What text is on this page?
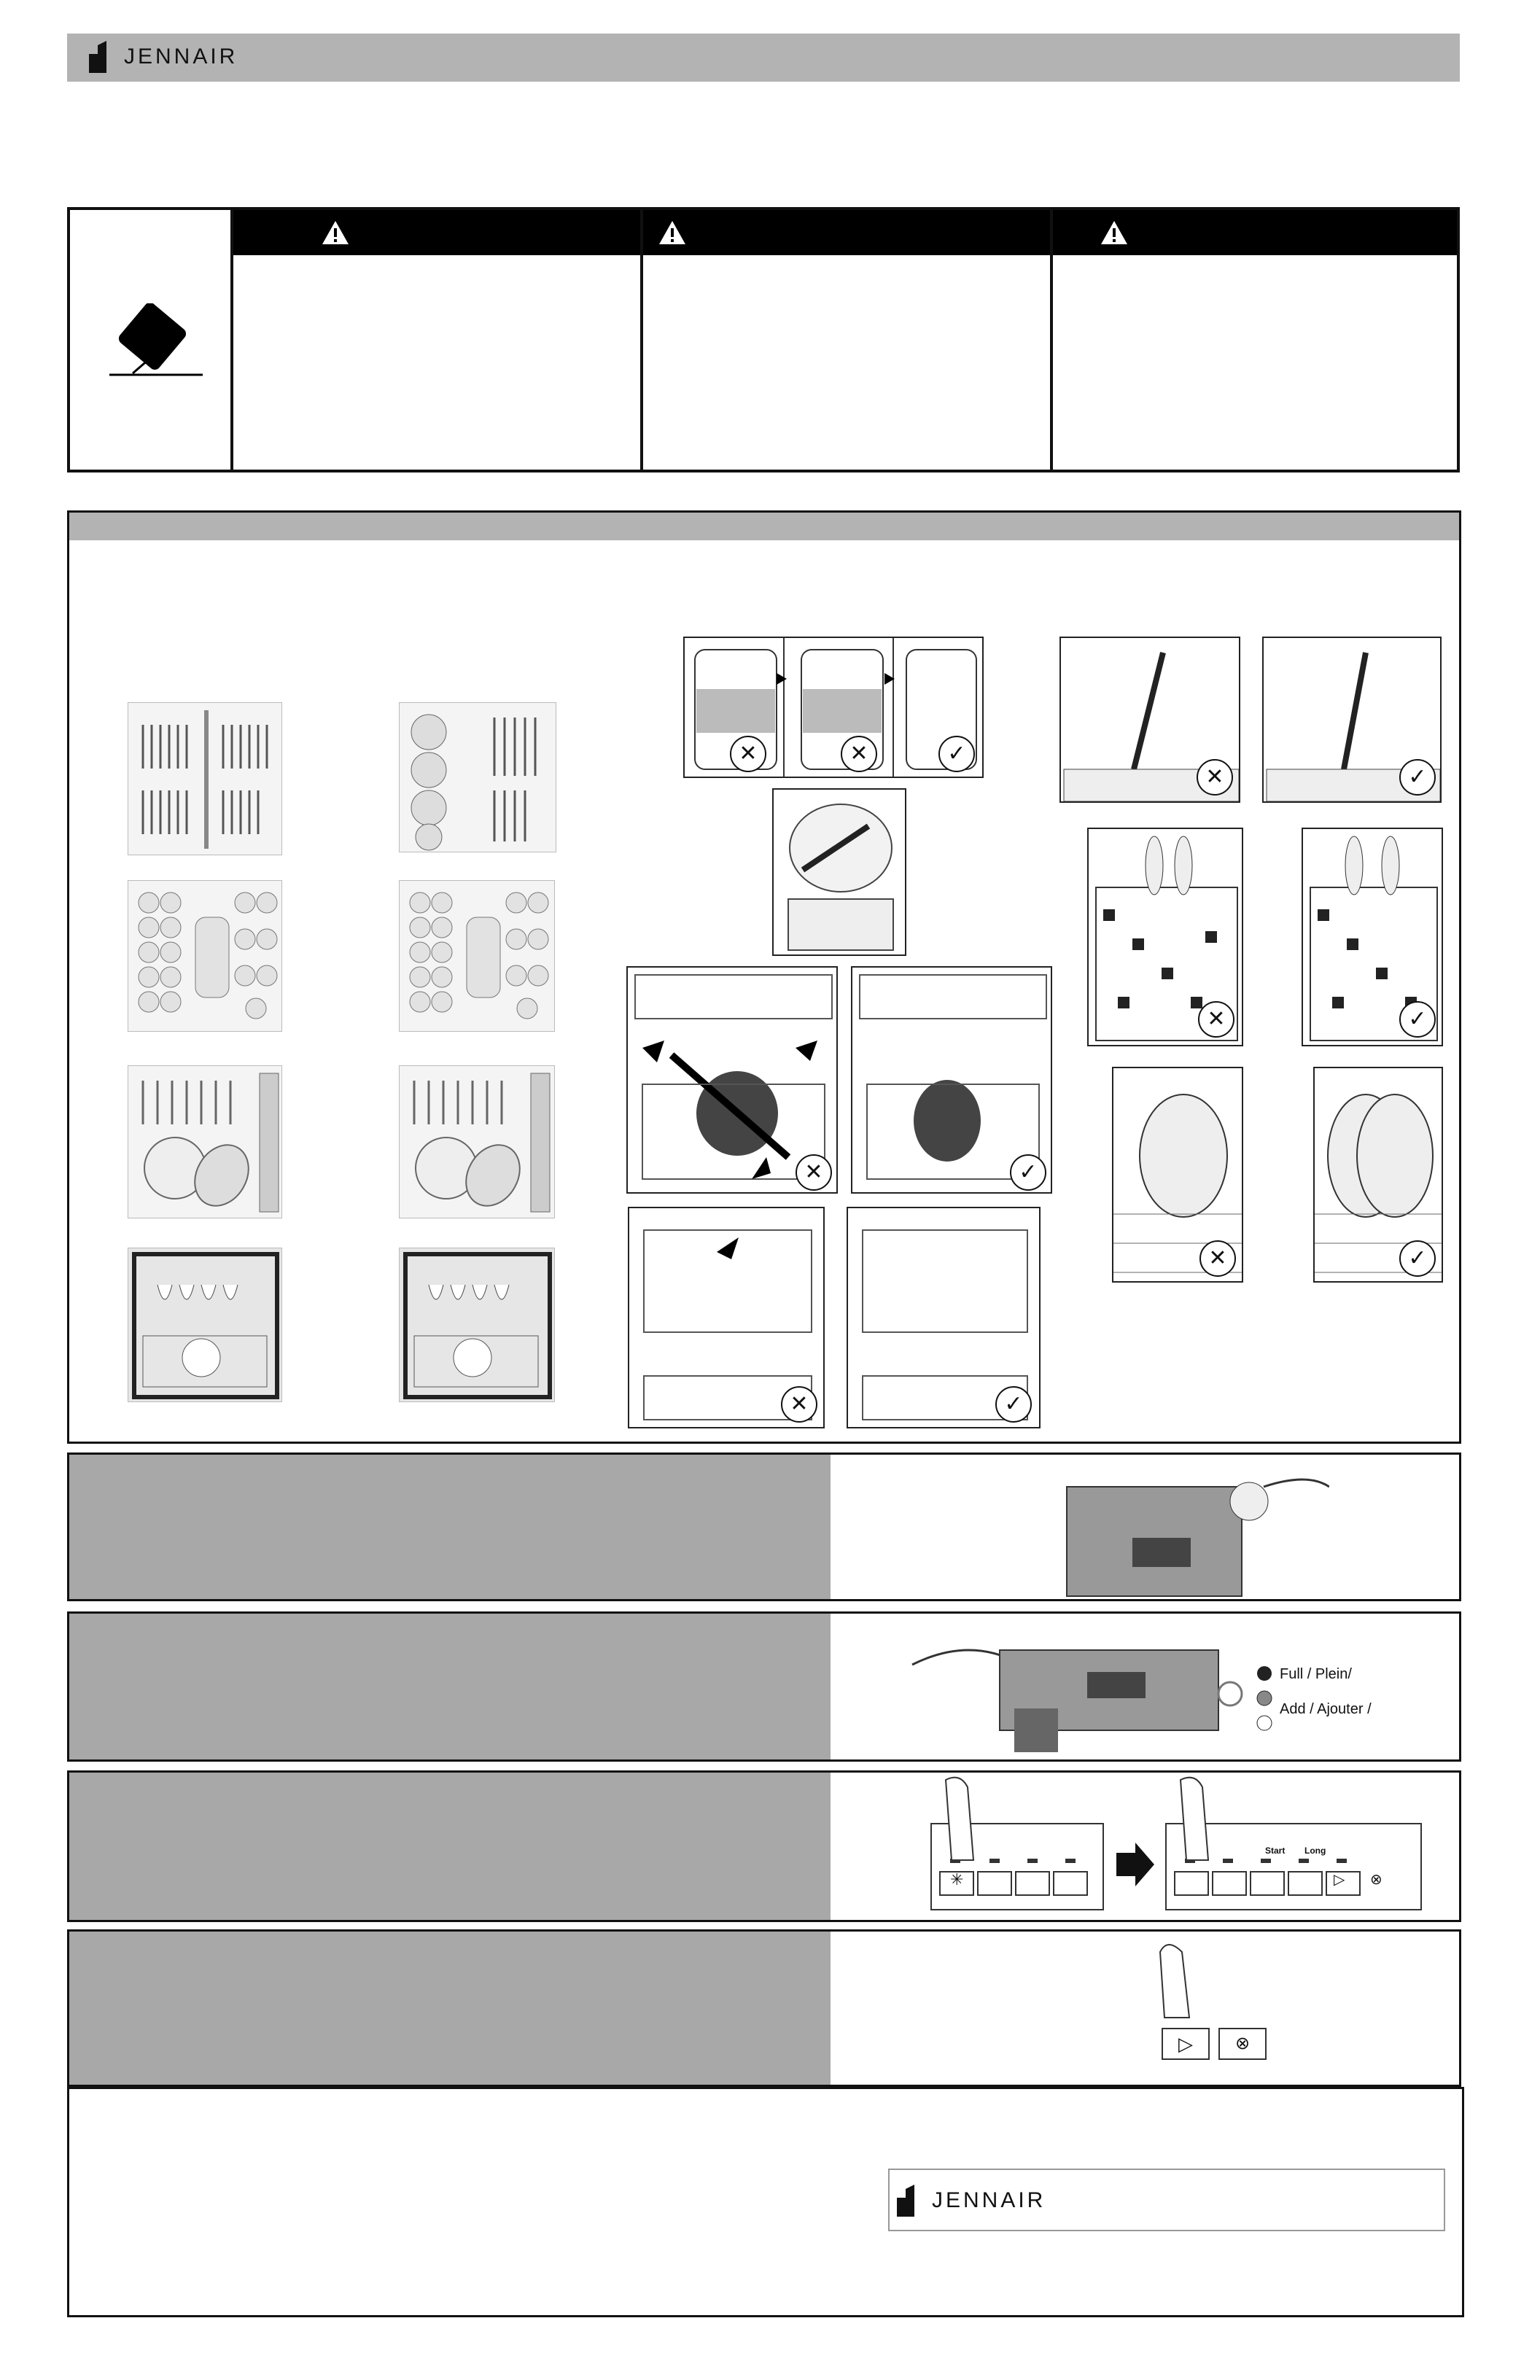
JENNAIR
✕	✕	✓
✕	✓
✕	✓
✕	✓
✕	✓
✕	✓
Full / Plein/
Add / Ajouter /
✳
Start Long
▷ ⊗
▷	⊗
JENNAIR
